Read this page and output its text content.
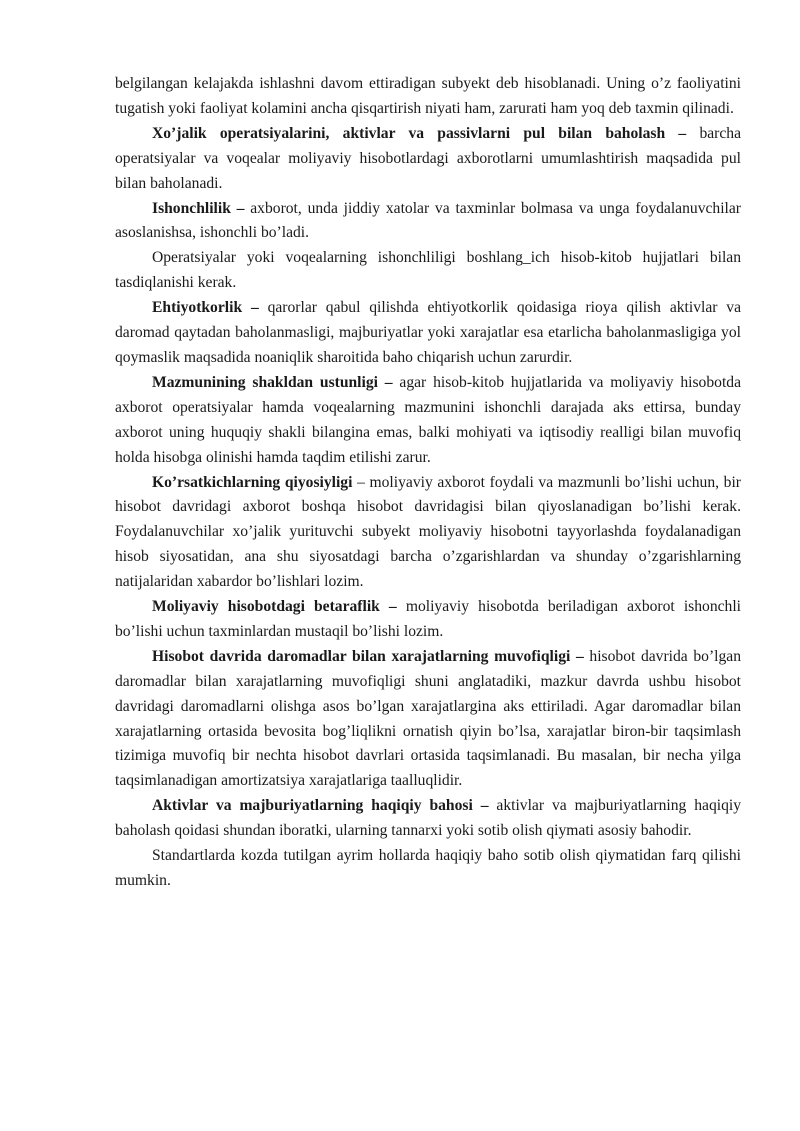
belgilangan kelajakda ishlashni davom ettiradigan subyekt deb hisoblanadi. Uning o’z faoliyatini tugatish yoki faoliyat kolamini ancha qisqartirish niyati ham, zarurati ham yoq deb taxmin qilinadi.

Xo’jalik operatsiyalarini, aktivlar va passivlarni pul bilan baholash – barcha operatsiyalar va voqealar moliyaviy hisobotlardagi axborotlarni umumlashtirish maqsadida pul bilan baholanadi.

Ishonchlilik – axborot, unda jiddiy xatolar va taxminlar bolmasa va unga foydalanuvchilar asoslanishsa, ishonchli bo’ladi.

Operatsiyalar yoki voqealarning ishonchliligi boshlang_ich hisob-kitob hujjatlari bilan tasdiqlanishi kerak.

Ehtiyotkorlik – qarorlar qabul qilishda ehtiyotkorlik qoidasiga rioya qilish aktivlar va daromad qaytadan baholanmasligi, majburiyatlar yoki xarajatlar esa etarlicha baholanmasligiga yol qoymaslik maqsadida noaniqlik sharoitida baho chiqarish uchun zarurdir.

Mazmunining shakldan ustunligi – agar hisob-kitob hujjatlarida va moliyaviy hisobotda axborot operatsiyalar hamda voqealarning mazmunini ishonchli darajada aks ettirsa, bunday axborot uning huquqiy shakli bilangina emas, balki mohiyati va iqtisodiy realligi bilan muvofiq holda hisobga olinishi hamda taqdim etilishi zarur.

Ko’rsatkichlarning qiyosiyligi – moliyaviy axborot foydali va mazmunli bo’lishi uchun, bir hisobot davridagi axborot boshqa hisobot davridagisi bilan qiyoslanadigan bo’lishi kerak. Foydalanuvchilar xo’jalik yurituvchi subyekt moliyaviy hisobotni tayyorlashda foydalanadigan hisob siyosatidan, ana shu siyosatdagi barcha o’zgarishlardan va shunday o’zgarishlarning natijalaridan xabardor bo’lishlari lozim.

Moliyaviy hisobotdagi betaraflik – moliyaviy hisobotda beriladigan axborot ishonchli bo’lishi uchun taxminlardan mustaqil bo’lishi lozim.

Hisobot davrida daromadlar bilan xarajatlarning muvofiqligi – hisobot davrida bo’lgan daromadlar bilan xarajatlarning muvofiqligi shuni anglatadiki, mazkur davrda ushbu hisobot davridagi daromadlarni olishga asos bo’lgan xarajatlargina aks ettiriladi. Agar daromadlar bilan xarajatlarning ortasida bevosita bog’liqlikni ornatish qiyin bo’lsa, xarajatlar biron-bir taqsimlash tizimiga muvofiq bir nechta hisobot davrlari ortasida taqsimlanadi. Bu masalan, bir necha yilga taqsimlanadigan amortizatsiya xarajatlariga taalluqlidir.

Aktivlar va majburiyatlarning haqiqiy bahosi – aktivlar va majburiyatlarning haqiqiy baholash qoidasi shundan iboratki, ularning tannarxi yoki sotib olish qiymati asosiy bahodir.

Standartlarda kozda tutilgan ayrim hollarda haqiqiy baho sotib olish qiymatidan farq qilishi mumkin.
